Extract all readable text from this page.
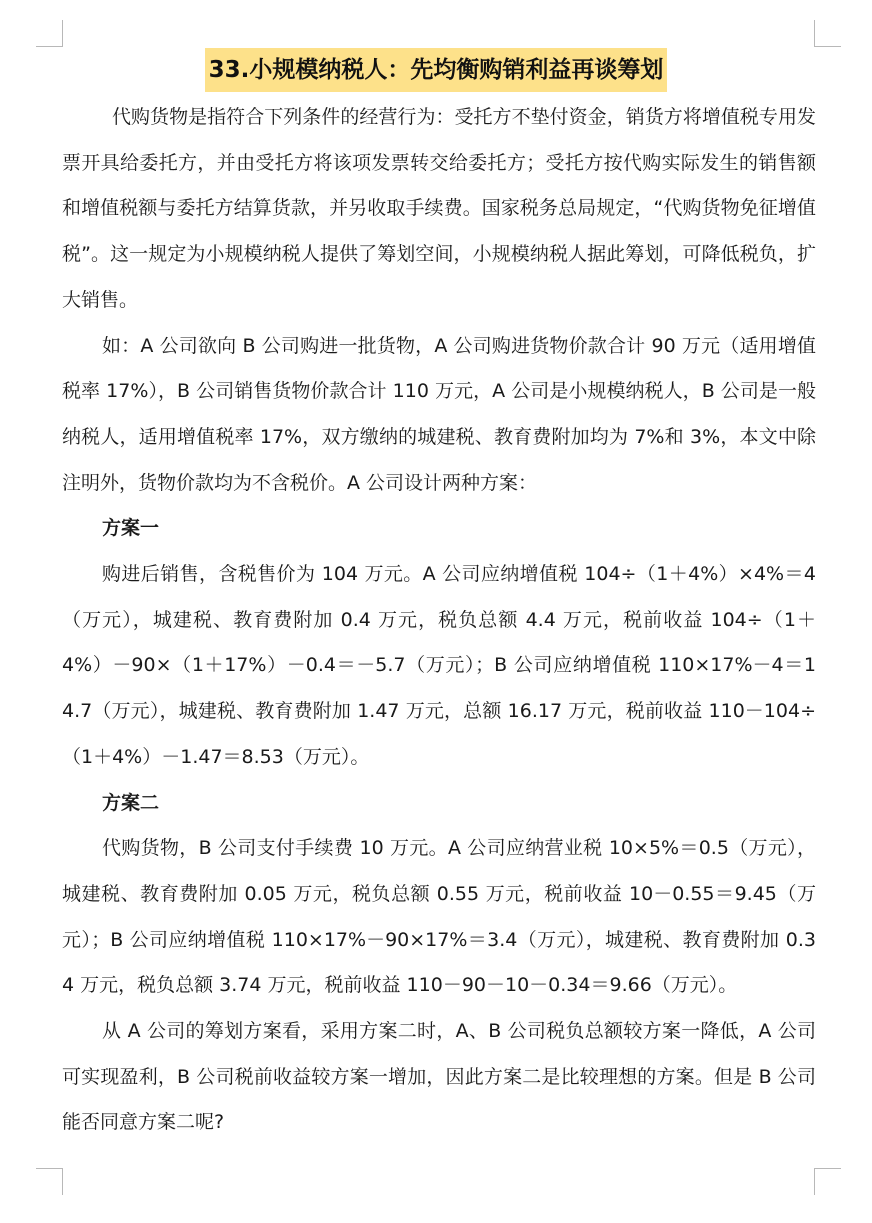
33.小规模纳税人：先均衡购销利益再谈筹划

代购货物是指符合下列条件的经营行为：受托方不垫付资金，销货方将增值税专用发票开具给委托方，并由受托方将该项发票转交给委托方；受托方按代购实际发生的销售额和增值税额与委托方结算货款，并另收取手续费。国家税务总局规定，“代购货物免征增值税”。这一规定为小规模纳税人提供了筹划空间，小规模纳税人据此筹划，可降低税负，扩大销售。

如：A 公司欲向 B 公司购进一批货物，A 公司购进货物价款合计 90 万元（适用增值税率 17%），B 公司销售货物价款合计 110 万元，A 公司是小规模纳税人，B 公司是一般纳税人，适用增值税率 17%，双方缴纳的城建税、教育费附加均为 7%和 3%，本文中除注明外，货物价款均为不含税价。A 公司设计两种方案：

方案一

购进后销售，含税售价为 104 万元。A 公司应纳增值税 104÷（1＋4%）×4%＝4（万元），城建税、教育费附加 0.4 万元，税负总额 4.4 万元，税前收益 104÷（1＋4%）－90×（1＋17%）－0.4＝－5.7（万元）；B 公司应纳增值税 110×17%－4＝14.7（万元），城建税、教育费附加 1.47 万元，总额 16.17 万元，税前收益 110－104÷（1＋4%）－1.47＝8.53（万元）。

方案二

代购货物，B 公司支付手续费 10 万元。A 公司应纳营业税 10×5%＝0.5（万元），城建税、教育费附加 0.05 万元，税负总额 0.55 万元，税前收益 10－0.55＝9.45（万元）；B 公司应纳增值税 110×17%－90×17%＝3.4（万元），城建税、教育费附加 0.34 万元，税负总额 3.74 万元，税前收益 110－90－10－0.34＝9.66（万元）。

从 A 公司的筹划方案看，采用方案二时，A、B 公司税负总额较方案一降低，A 公司可实现盈利，B 公司税前收益较方案一增加，因此方案二是比较理想的方案。但是 B 公司能否同意方案二呢?
